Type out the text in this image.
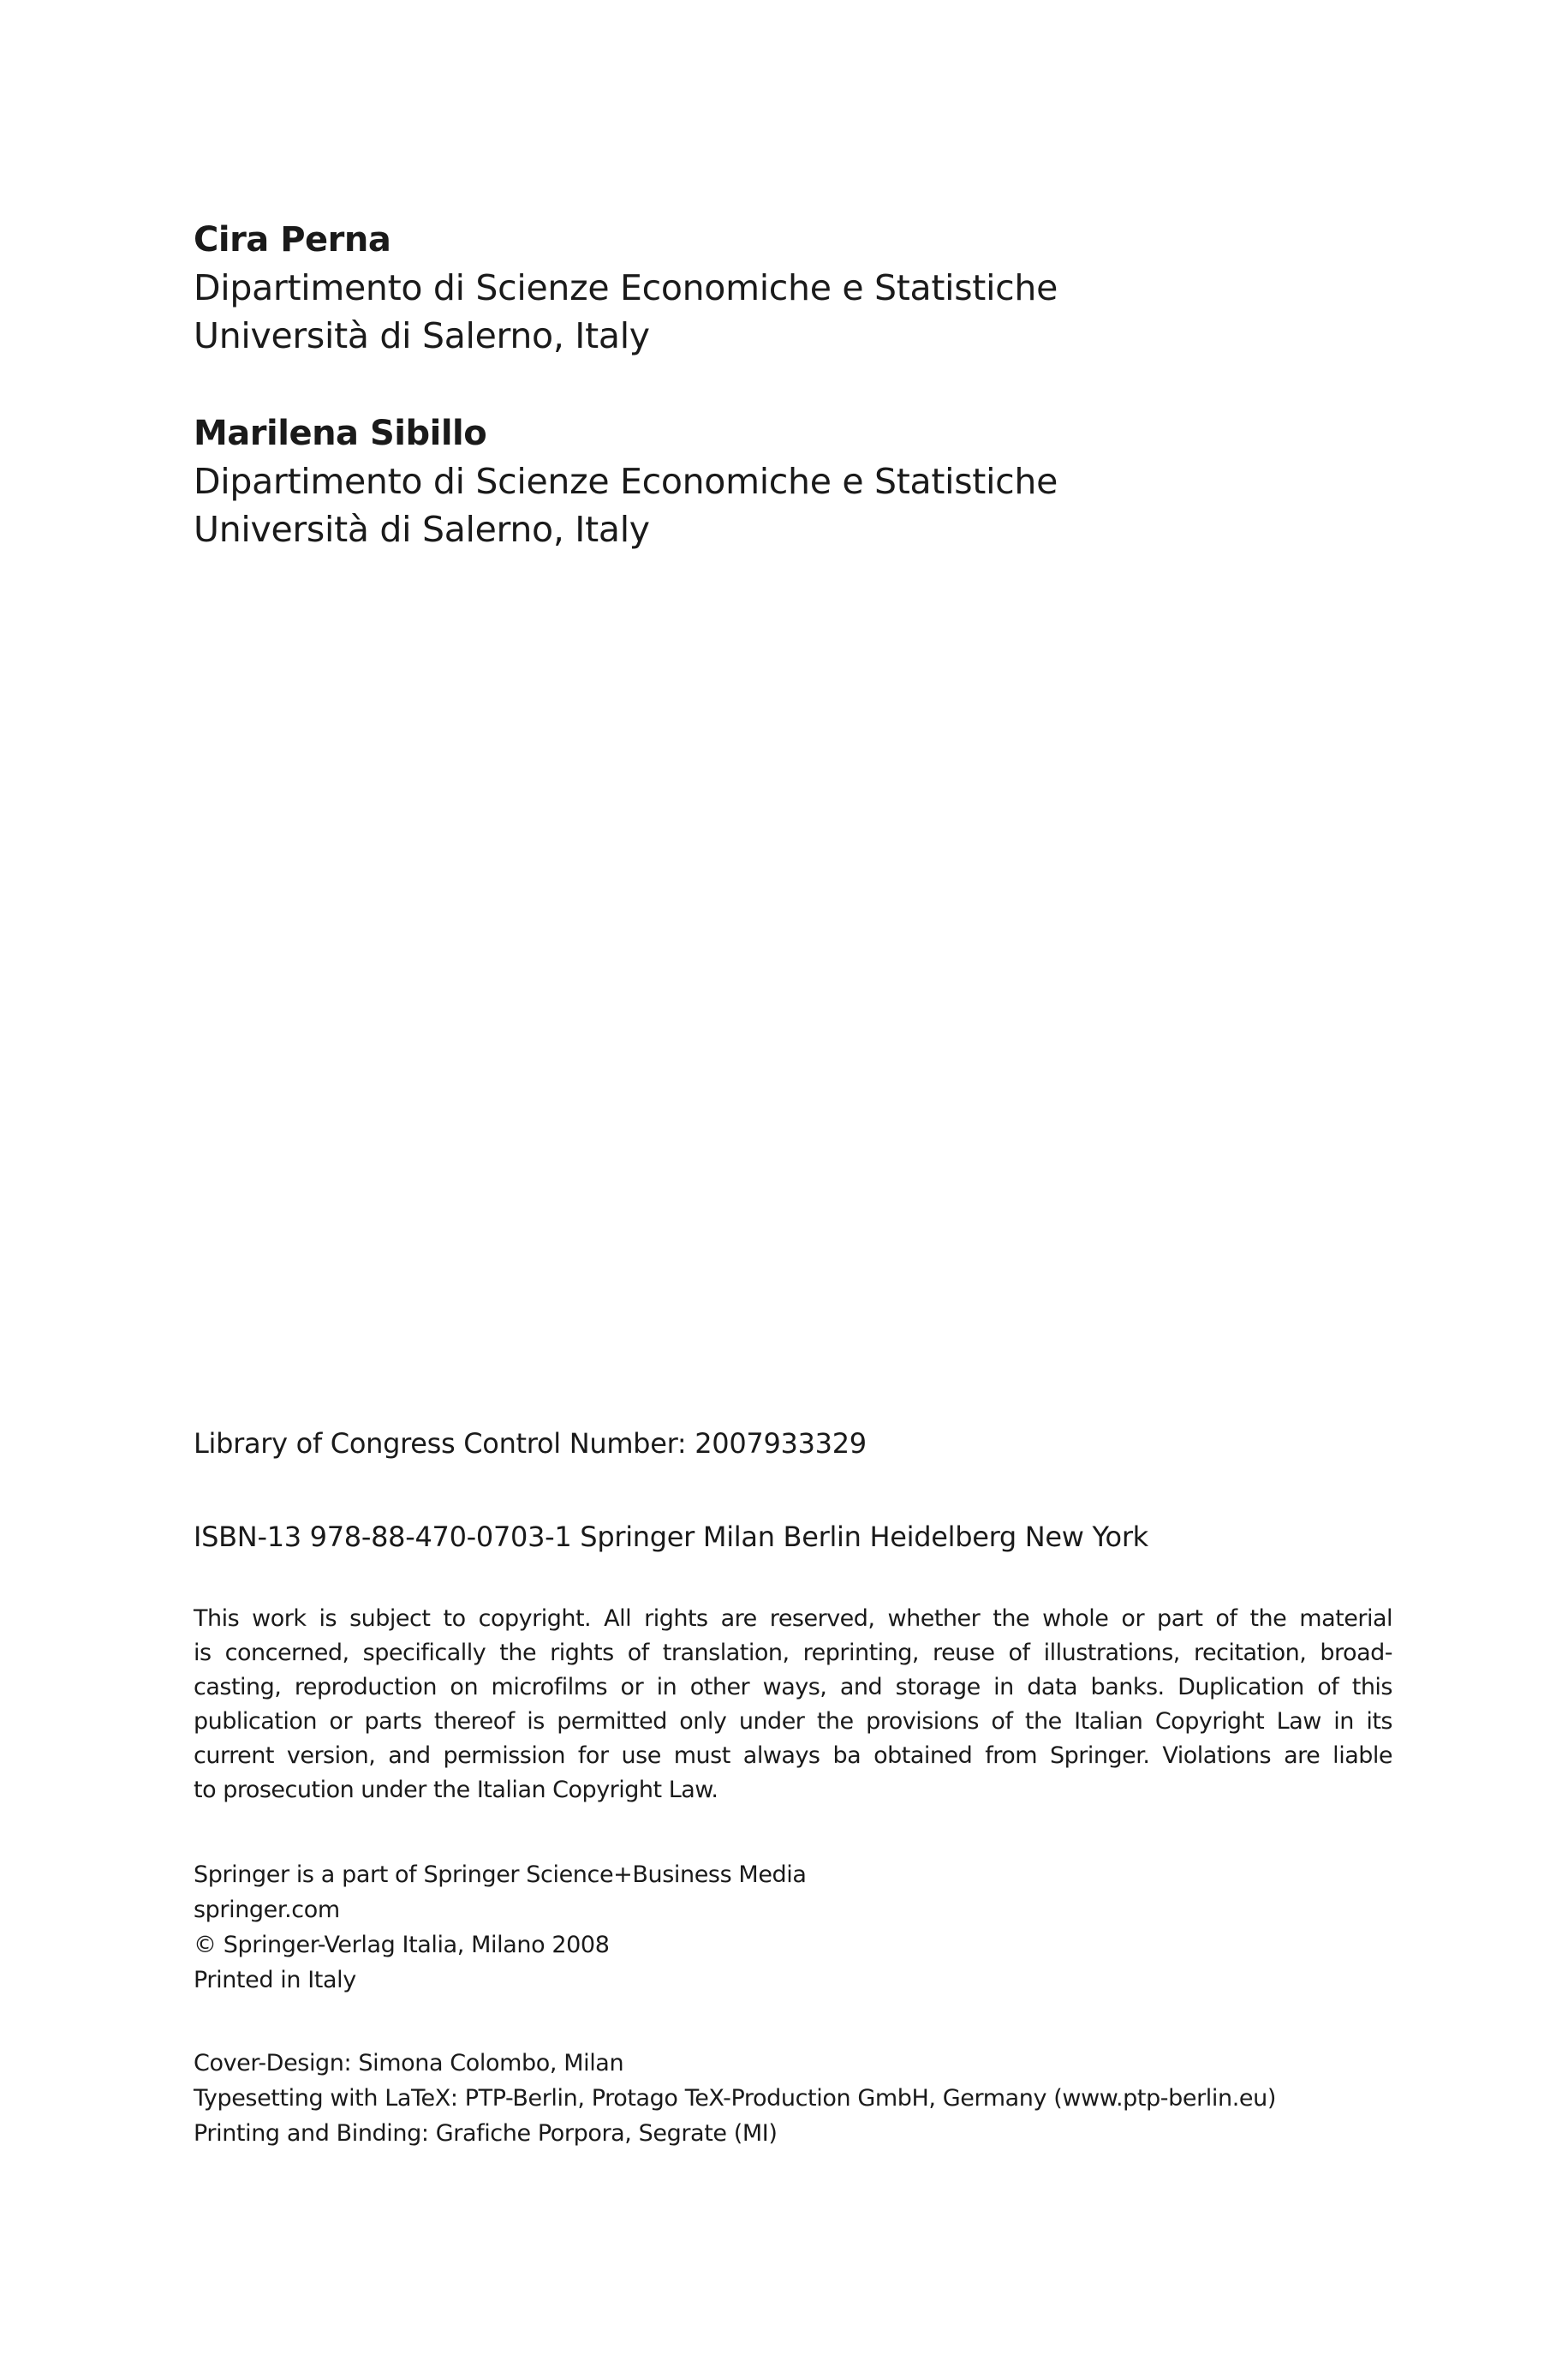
Cira Perna
Dipartimento di Scienze Economiche e Statistiche
Università di Salerno, Italy
Marilena Sibillo
Dipartimento di Scienze Economiche e Statistiche
Università di Salerno, Italy
Library of Congress Control Number: 2007933329
ISBN-13 978-88-470-0703-1 Springer Milan Berlin Heidelberg New York
This work is subject to copyright. All rights are reserved, whether the whole or part of the material
is concerned, specifically the rights of translation, reprinting, reuse of illustrations, recitation, broad-
casting, reproduction on microfilms or in other ways, and storage in data banks. Duplication of this
publication or parts thereof is permitted only under the provisions of the Italian Copyright Law in its
current version, and permission for use must always ba obtained from Springer. Violations are liable
to prosecution under the Italian Copyright Law.
Springer is a part of Springer Science+Business Media
springer.com
© Springer-Verlag Italia, Milano 2008
Printed in Italy
Cover-Design: Simona Colombo, Milan
Typesetting with LaTeX: PTP-Berlin, Protago TeX-Production GmbH, Germany (www.ptp-berlin.eu)
Printing and Binding: Grafiche Porpora, Segrate (MI)
